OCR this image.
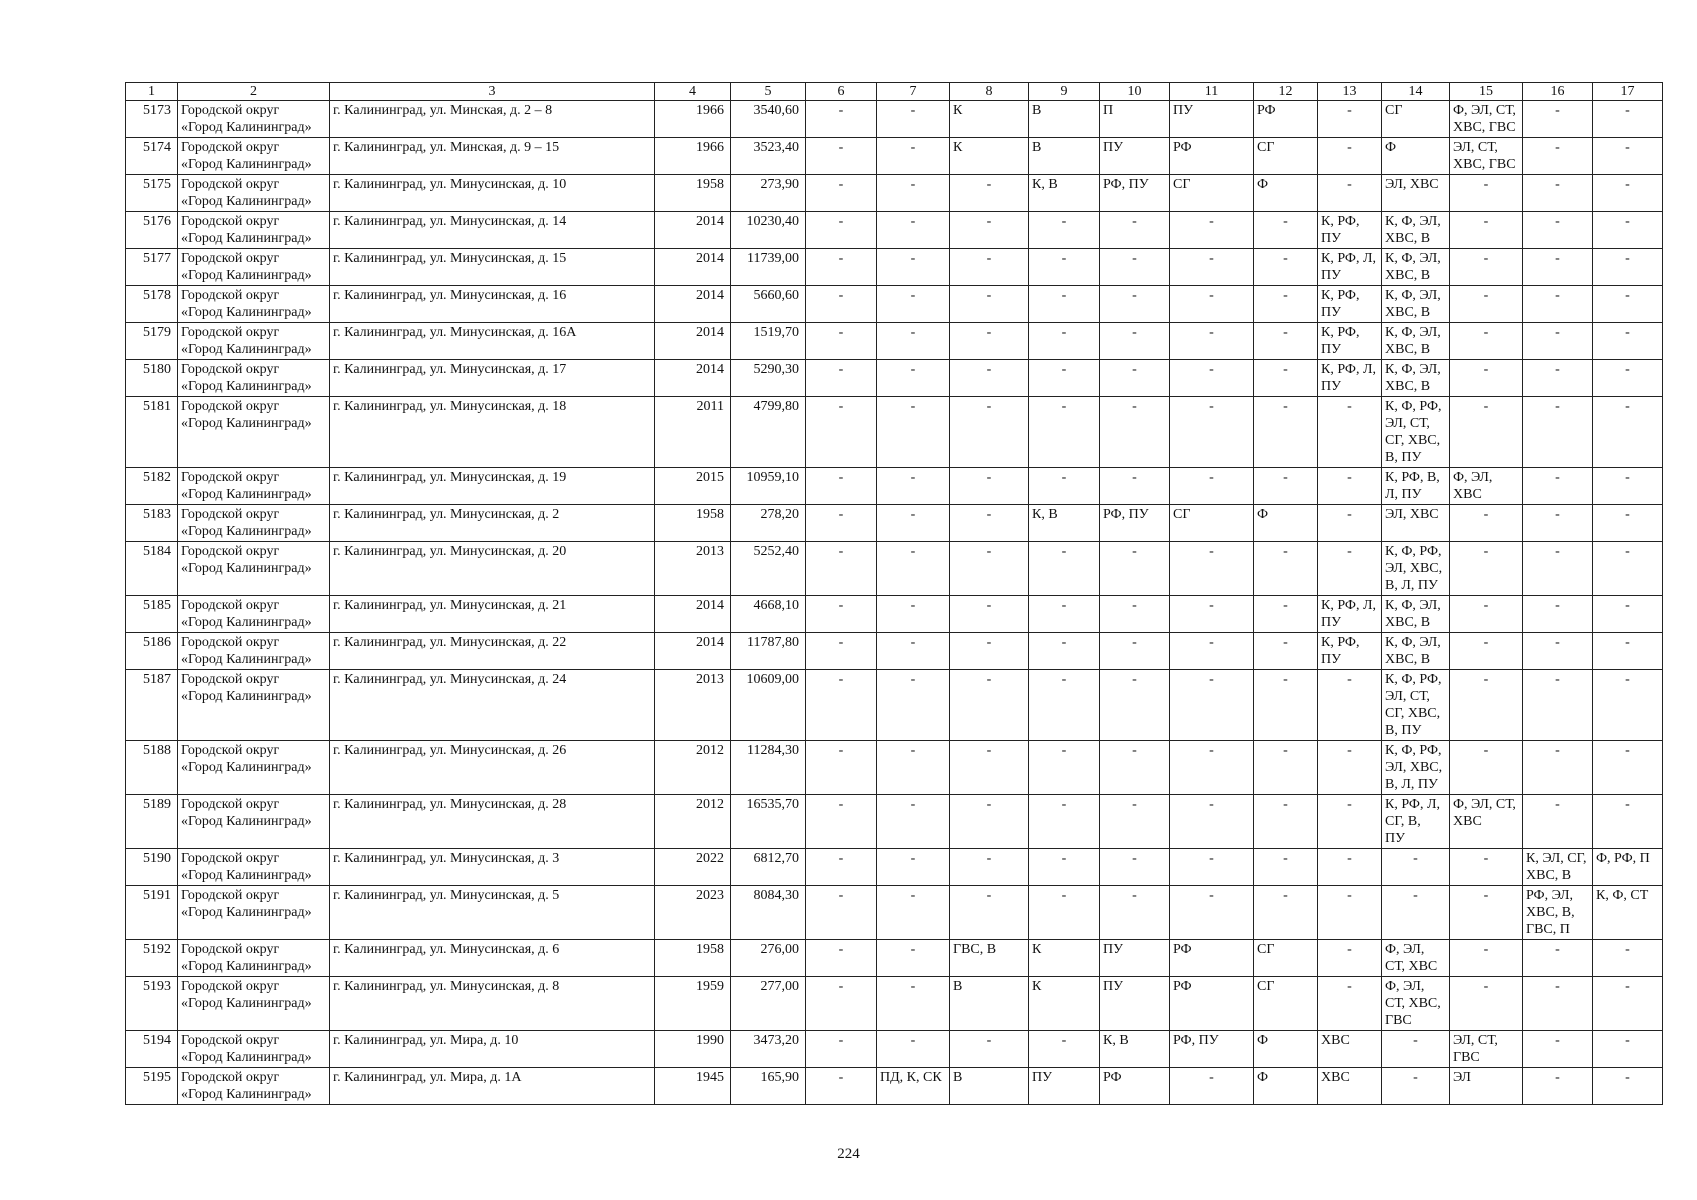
1	2	3	4	5	6	7	8	9	10	11	12	13	14	15	16	17
5173	Городской округ
«Город Калининград»	г. Калининград, ул. Минская, д. 2 – 8	1966	3540,60	-	-	К	В	П	ПУ	РФ	-	СГ	Ф, ЭЛ, СТ,
ХВС, ГВС	-	-
5174	Городской округ
«Город Калининград»	г. Калининград, ул. Минская, д. 9 – 15	1966	3523,40	-	-	К	В	ПУ	РФ	СГ	-	Ф	ЭЛ, СТ,
ХВС, ГВС	-	-
5175	Городской округ
«Город Калининград»	г. Калининград, ул. Минусинская, д. 10	1958	273,90	-	-	-	К, В	РФ, ПУ	СГ	Ф	-	ЭЛ, ХВС	-	-	-
5176	Городской округ
«Город Калининград»	г. Калининград, ул. Минусинская, д. 14	2014	10230,40	-	-	-	-	-	-	-	К, РФ,
ПУ	К, Ф, ЭЛ,
ХВС, В	-	-	-
5177	Городской округ
«Город Калининград»	г. Калининград, ул. Минусинская, д. 15	2014	11739,00	-	-	-	-	-	-	-	К, РФ, Л,
ПУ	К, Ф, ЭЛ,
ХВС, В	-	-	-
5178	Городской округ
«Город Калининград»	г. Калининград, ул. Минусинская, д. 16	2014	5660,60	-	-	-	-	-	-	-	К, РФ,
ПУ	К, Ф, ЭЛ,
ХВС, В	-	-	-
5179	Городской округ
«Город Калининград»	г. Калининград, ул. Минусинская, д. 16А	2014	1519,70	-	-	-	-	-	-	-	К, РФ,
ПУ	К, Ф, ЭЛ,
ХВС, В	-	-	-
5180	Городской округ
«Город Калининград»	г. Калининград, ул. Минусинская, д. 17	2014	5290,30	-	-	-	-	-	-	-	К, РФ, Л,
ПУ	К, Ф, ЭЛ,
ХВС, В	-	-	-
5181	Городской округ
«Город Калининград»	г. Калининград, ул. Минусинская, д. 18	2011	4799,80	-	-	-	-	-	-	-	-	К, Ф, РФ,
ЭЛ, СТ,
СГ, ХВС,
В, ПУ	-	-	-
5182	Городской округ
«Город Калининград»	г. Калининград, ул. Минусинская, д. 19	2015	10959,10	-	-	-	-	-	-	-	-	К, РФ, В,
Л, ПУ	Ф, ЭЛ,
ХВС	-	-
5183	Городской округ
«Город Калининград»	г. Калининград, ул. Минусинская, д. 2	1958	278,20	-	-	-	К, В	РФ, ПУ	СГ	Ф	-	ЭЛ, ХВС	-	-	-
5184	Городской округ
«Город Калининград»	г. Калининград, ул. Минусинская, д. 20	2013	5252,40	-	-	-	-	-	-	-	-	К, Ф, РФ,
ЭЛ, ХВС,
В, Л, ПУ	-	-	-
5185	Городской округ
«Город Калининград»	г. Калининград, ул. Минусинская, д. 21	2014	4668,10	-	-	-	-	-	-	-	К, РФ, Л,
ПУ	К, Ф, ЭЛ,
ХВС, В	-	-	-
5186	Городской округ
«Город Калининград»	г. Калининград, ул. Минусинская, д. 22	2014	11787,80	-	-	-	-	-	-	-	К, РФ,
ПУ	К, Ф, ЭЛ,
ХВС, В	-	-	-
5187	Городской округ
«Город Калининград»	г. Калининград, ул. Минусинская, д. 24	2013	10609,00	-	-	-	-	-	-	-	-	К, Ф, РФ,
ЭЛ, СТ,
СГ, ХВС,
В, ПУ	-	-	-
5188	Городской округ
«Город Калининград»	г. Калининград, ул. Минусинская, д. 26	2012	11284,30	-	-	-	-	-	-	-	-	К, Ф, РФ,
ЭЛ, ХВС,
В, Л, ПУ	-	-	-
5189	Городской округ
«Город Калининград»	г. Калининград, ул. Минусинская, д. 28	2012	16535,70	-	-	-	-	-	-	-	-	К, РФ, Л,
СГ, В,
ПУ	Ф, ЭЛ, СТ,
ХВС	-	-
5190	Городской округ
«Город Калининград»	г. Калининград, ул. Минусинская, д. 3	2022	6812,70	-	-	-	-	-	-	-	-	-	-	К, ЭЛ, СГ,
ХВС, В	Ф, РФ, П
5191	Городской округ
«Город Калининград»	г. Калининград, ул. Минусинская, д. 5	2023	8084,30	-	-	-	-	-	-	-	-	-	-	РФ, ЭЛ,
ХВС, В,
ГВС, П	К, Ф, СТ
5192	Городской округ
«Город Калининград»	г. Калининград, ул. Минусинская, д. 6	1958	276,00	-	-	ГВС, В	К	ПУ	РФ	СГ	-	Ф, ЭЛ,
СТ, ХВС	-	-	-
5193	Городской округ
«Город Калининград»	г. Калининград, ул. Минусинская, д. 8	1959	277,00	-	-	В	К	ПУ	РФ	СГ	-	Ф, ЭЛ,
СТ, ХВС,
ГВС	-	-	-
5194	Городской округ
«Город Калининград»	г. Калининград, ул. Мира, д. 10	1990	3473,20	-	-	-	-	К, В	РФ, ПУ	Ф	ХВС	-	ЭЛ, СТ,
ГВС	-	-
5195	Городской округ
«Город Калининград»	г. Калининград, ул. Мира, д. 1А	1945	165,90	-	ПД, К, СК	В	ПУ	РФ	-	Ф	ХВС	-	ЭЛ	-	-
224
